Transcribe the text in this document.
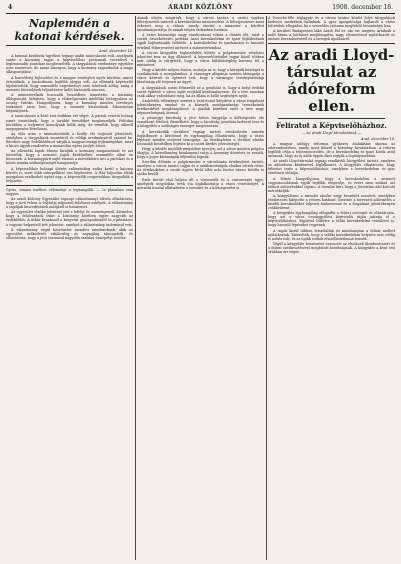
4	ARADI KÖZLÖNY	1908. december 18.
Naplemdén a katonai kérdések.

Arad, december 18.

A katonai kérdések ügyében tegnap ujabb tanácskozás volt, amelynek során a kormány tagjai a képviselőház pártjainak vezetőivel a legfontosabb pontokat megbeszélték. A tárgyalások eredménye egyelőre nem ismeretes, de annyi bizonyos, hogy a kormány ragaszkodik a maga álláspontjához.

A honvédség fejlesztése és a magyar vezényleti nyelv kérdése, amint értesülünk, a tanácskozás legfőbb tárgya volt. Az ellenzék képviselői kijelentették, hogy semmiféle engedményt nem tehetnek addig, amíg a nemzeti követelések teljesítésére kellő biztosíték nincsen.

A miniszterelnök hosszabb beszédben ismertette a kormány álláspontját, kifejtvén, hogy a véderőjavaslat mielőbbi letárgyalása az ország érdeke. Hangsúlyozta, hogy a kormány minden törvényes eszközzel azon lesz, hogy a nemzeti kívánalmak fokozatosan teljesüljenek.

A tanácskozás a késő esti órákban ért véget. A pártok vezetői holnap ismét összeülnek, hogy a további teendőket megbeszéljék. Politikai körökben a helyzetet komolynak ítélik meg, de remélik, hogy sikerül megegyezést létrehozni.

Az ülés után a miniszterelnök a király elé terjeszti jelentését, amelyben a tárgyalások menetéről és eddigi eredményéről számol be. Bécsben nagy érdeklődéssel várják a magyarországi fejleményeket, mert a közös ügyek rendezése a monarchia egész jövőjét érinti.

Az ellenzéki lapok élesen bírálják a kormány magatartását és azt követelik, hogy a nemzeti jogok kérdésében semmiféle alkut ne kössenek. A kormánypárti sajtó viszont a mérsékletre inti a pártokat és a közös munka szükségességét hangoztatja.

A képviselőház holnapi ülésén valószínűleg szóba kerül a katonai kérdés is, mert több interpelláció van bejelentve. A Ház folyosóin élénk mozgalom uralkodott egész nap, a képviselők csoportokban tárgyalták a helyzetet.

Gyors, semmi esetben véleményt a legbuzgóbb. — te plasuban sem nagyon

Az aradi Kölcsey Egyesület tegnapi választmányi ülésén elhatározta, hogy a jövő évben is folytatja népszerű felolvasó estélyeit. A választmány a tagdíjak beszedésének módjáról is határozott.

Az egyesület elnöke jelentést tett a lefolyt év eseményeiről, kiemelve, hogy a felolvasások iránt a közönség körében egyre nagyobb az érdeklődés. A titkár beszámolt a könyvtár gyarapodásáról és a pénztáros a vagyoni helyzetről tett jelentést, amelyet a választmány tudomásul vett.

A választmány végül köszönetet mondott mindazoknak, akik az egyesület működését erkölcsileg és anyagilag támogatták, és elhatározta, hogy a jövő tavasszal nagyobb szabású ünnepélyt rendez.

Annak idején megírtuk, hogy a városi tanács a vasúti ügyben felterjesztést intézett a kereskedelmi miniszterhez. A felterjesztésre most érkezett meg a válasz, amely szerint a miniszter a kérdést tanulmányoztatja és annak idején érdemben határoz.

A város közönsége nagy várakozással tekint a döntés elé, mert a vasúti összeköttetés javítása Arad kereskedelmi és ipari fejlődésének egyik legfontosabb feltétele. A kereskedelmi és iparkamara is hasonló értelmű felterjesztést intézett a minisztériumhoz.

A városi közgyűlés legközelebbi ülésén a polgármester részletes jelentést tesz az ügy állásáról. A képviselőtestület tagjai közül többen már eddig is sürgették, hogy a város küldöttségileg keresse fel a minisztert.

Hogy a kérdés milyen fontos, mutatja az is, hogy a környék községei is csatlakoztak a mozgalomhoz. A vármegye alispánja szintén támogatja a város kérését és ígéretet tett, hogy a vármegye törvényhatósági bizottsága elé terjeszti az ügyet.

A tárgyalások során felmerült az a gondolat is, hogy a helyi érdekű vasút építését a város saját erejéből kezdeményezze. Ez a terv azonban csak akkor valósítható meg, ha az állam is kellő segítséget nyújt.

Szakértők véleménye szerint a vasútvonal kiépítése a város forgalmát jelentékenyen emelné és a környék mezőgazdasági termékeinek értékesítését megkönnyítené. A gazdák körében ezért a terv nagy népszerűségnek örvend.

A pénzügyi bizottság a jövő héten tárgyalja a költségvetés ide vonatkozó tételeit. Remélhető, hogy a bizottság javaslata kedvező lesz és a közgyűlés a szükséges összeget megszavazza.

A kereskedők testülete tegnap tartott értekezletén szintén foglalkozott a kérdéssel és egyhangúlag elhatározta, hogy a város lépéseit minden erejével támogatja. Az értekezleten a testület elnöke hosszabb beszédben fejtette ki a vasúti kérdés jelentőségét.

Hogy a kérdés mielőbb megoldást nyerjen, azt a város minden polgára óhajtja. A közvélemény bizalommal várja a kormány döntését és reméli, hogy a jogos kívánságok teljesülni fognak.

Szerdán délután a polgármester a városházán értekezletet tartott, amelyen a városi tanács tagjai és a szakbizottságok elnökei vettek részt. Az értekezleten a vasúti ügyön kívül több más fontos városi kérdés is szóba került.

Ezek között első helyen áll a vízvezeték és a csatornázás ügye, amelynek megoldása évek óta foglalkoztatja a város vezetőségét. A mérnöki hivatal elkészítette a terveket és a költségvetést is.

A Drasche-féle téglagyár és a városi tanács között folyó tárgyalások kedvező mederben haladnak. A gyár igazgatósága hajlandó a város feltételeit elfogadni, ha a szerződés tartama megfelelő hosszúságú lesz.

A kerületi Budapesten lakó Aradi Pál úr, aki ezt megírta Aradnak a múlt héten a kórházat meglátogatta, nagy elismeréssel nyilatkozott az intézet berendezéséről és a betegek ápolásáról.

Az aradi Lloyd-társulat az ádóreform ellen.
Feliratot a Képviselőházhoz.
— Az aradi Lloyd társulatának —

Arad, december 18.

A magyar adóügy reformja gyökeres átalakítást okozna az adórendszerben, amely most készül a kormány hivatalaiban. A reform legfőbb célja a tehermentesítés, de a kereskedelmi és ipari körök attól tartanak, hogy az új adók éppen őket sújtják a legsúlyosabban.

Az aradi Lloyd-társulat tegnap rendkívüli közgyűlést tartott, amelyen az adóreform kérdésével foglalkozott. A közgyűlés elhatározta, hogy feliratot intéz a képviselőházhoz, amelyben a kereskedelem és ipar sérelmeit előadja.

A felirat hangsúlyozza, hogy a kereskedelem a nemzeti vagyonosodásnak egyik legfőbb tényezője, és ezért nem szabad azt túlzott adóterhekkel sújtani. A társulat kéri, hogy a jövedelmi adó kulcsát mérsékeljék.

A közgyűlésen a társulat elnöke nagy beszédet mondott, amelyben részletesen kifejtette a reform hatásait. Szerinte a tervezett adóemelés a kisebb kereskedőket teljesen tönkretenné és a forgalmat jelentékenyen csökkentené.

A közgyűlés egyhangúlag elfogadta a felirat szövegét és elhatározta, hogy azt a város országgyűlési képviselői útján juttatja el a képviselőházhoz. Egyúttal felkérte a többi kereskedelmi testületet is, hogy hasonló lépéseket tegyenek.

A tagok közül többen felszólaltak és mindannyian a felirat mellett nyilatkoztak. Kiemelték, hogy a vidéki kereskedelem helyzete már eddig is nehéz volt, és az újabb terhek elviselhetetlenné tennék.

Végül a közgyűlés köszönetet szavazott az elnöknek fáradozásaiért és a felirat szerkesztésével megbízott bizottságnak. A közgyűlés a késő esti órákban ért véget.
